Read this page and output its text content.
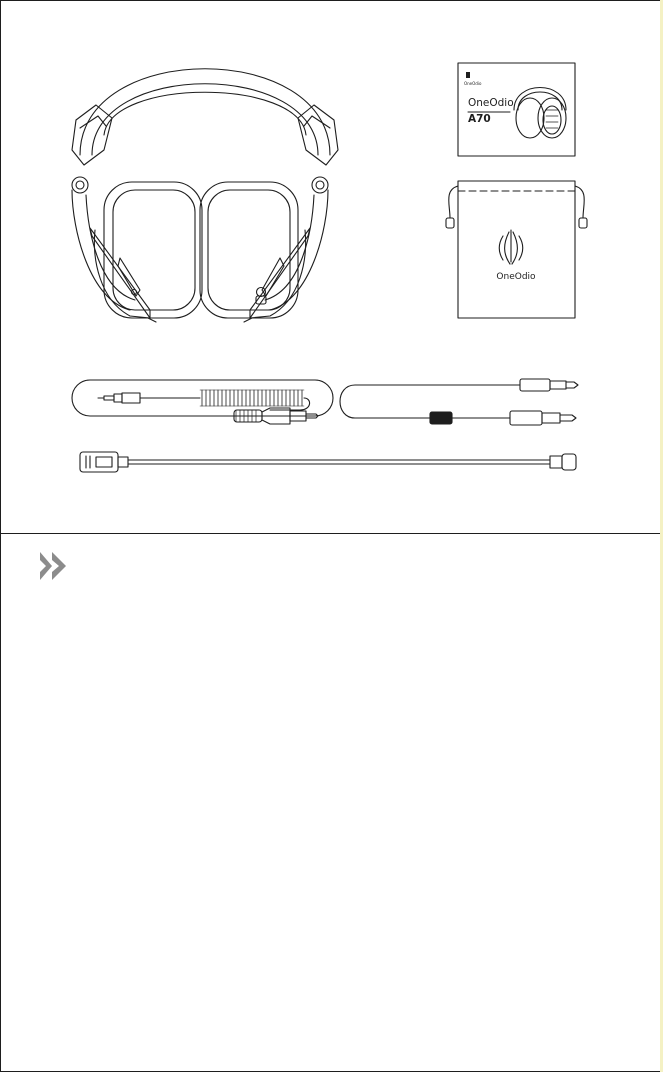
OneOdio
OneOdio
A70
OneOdio
